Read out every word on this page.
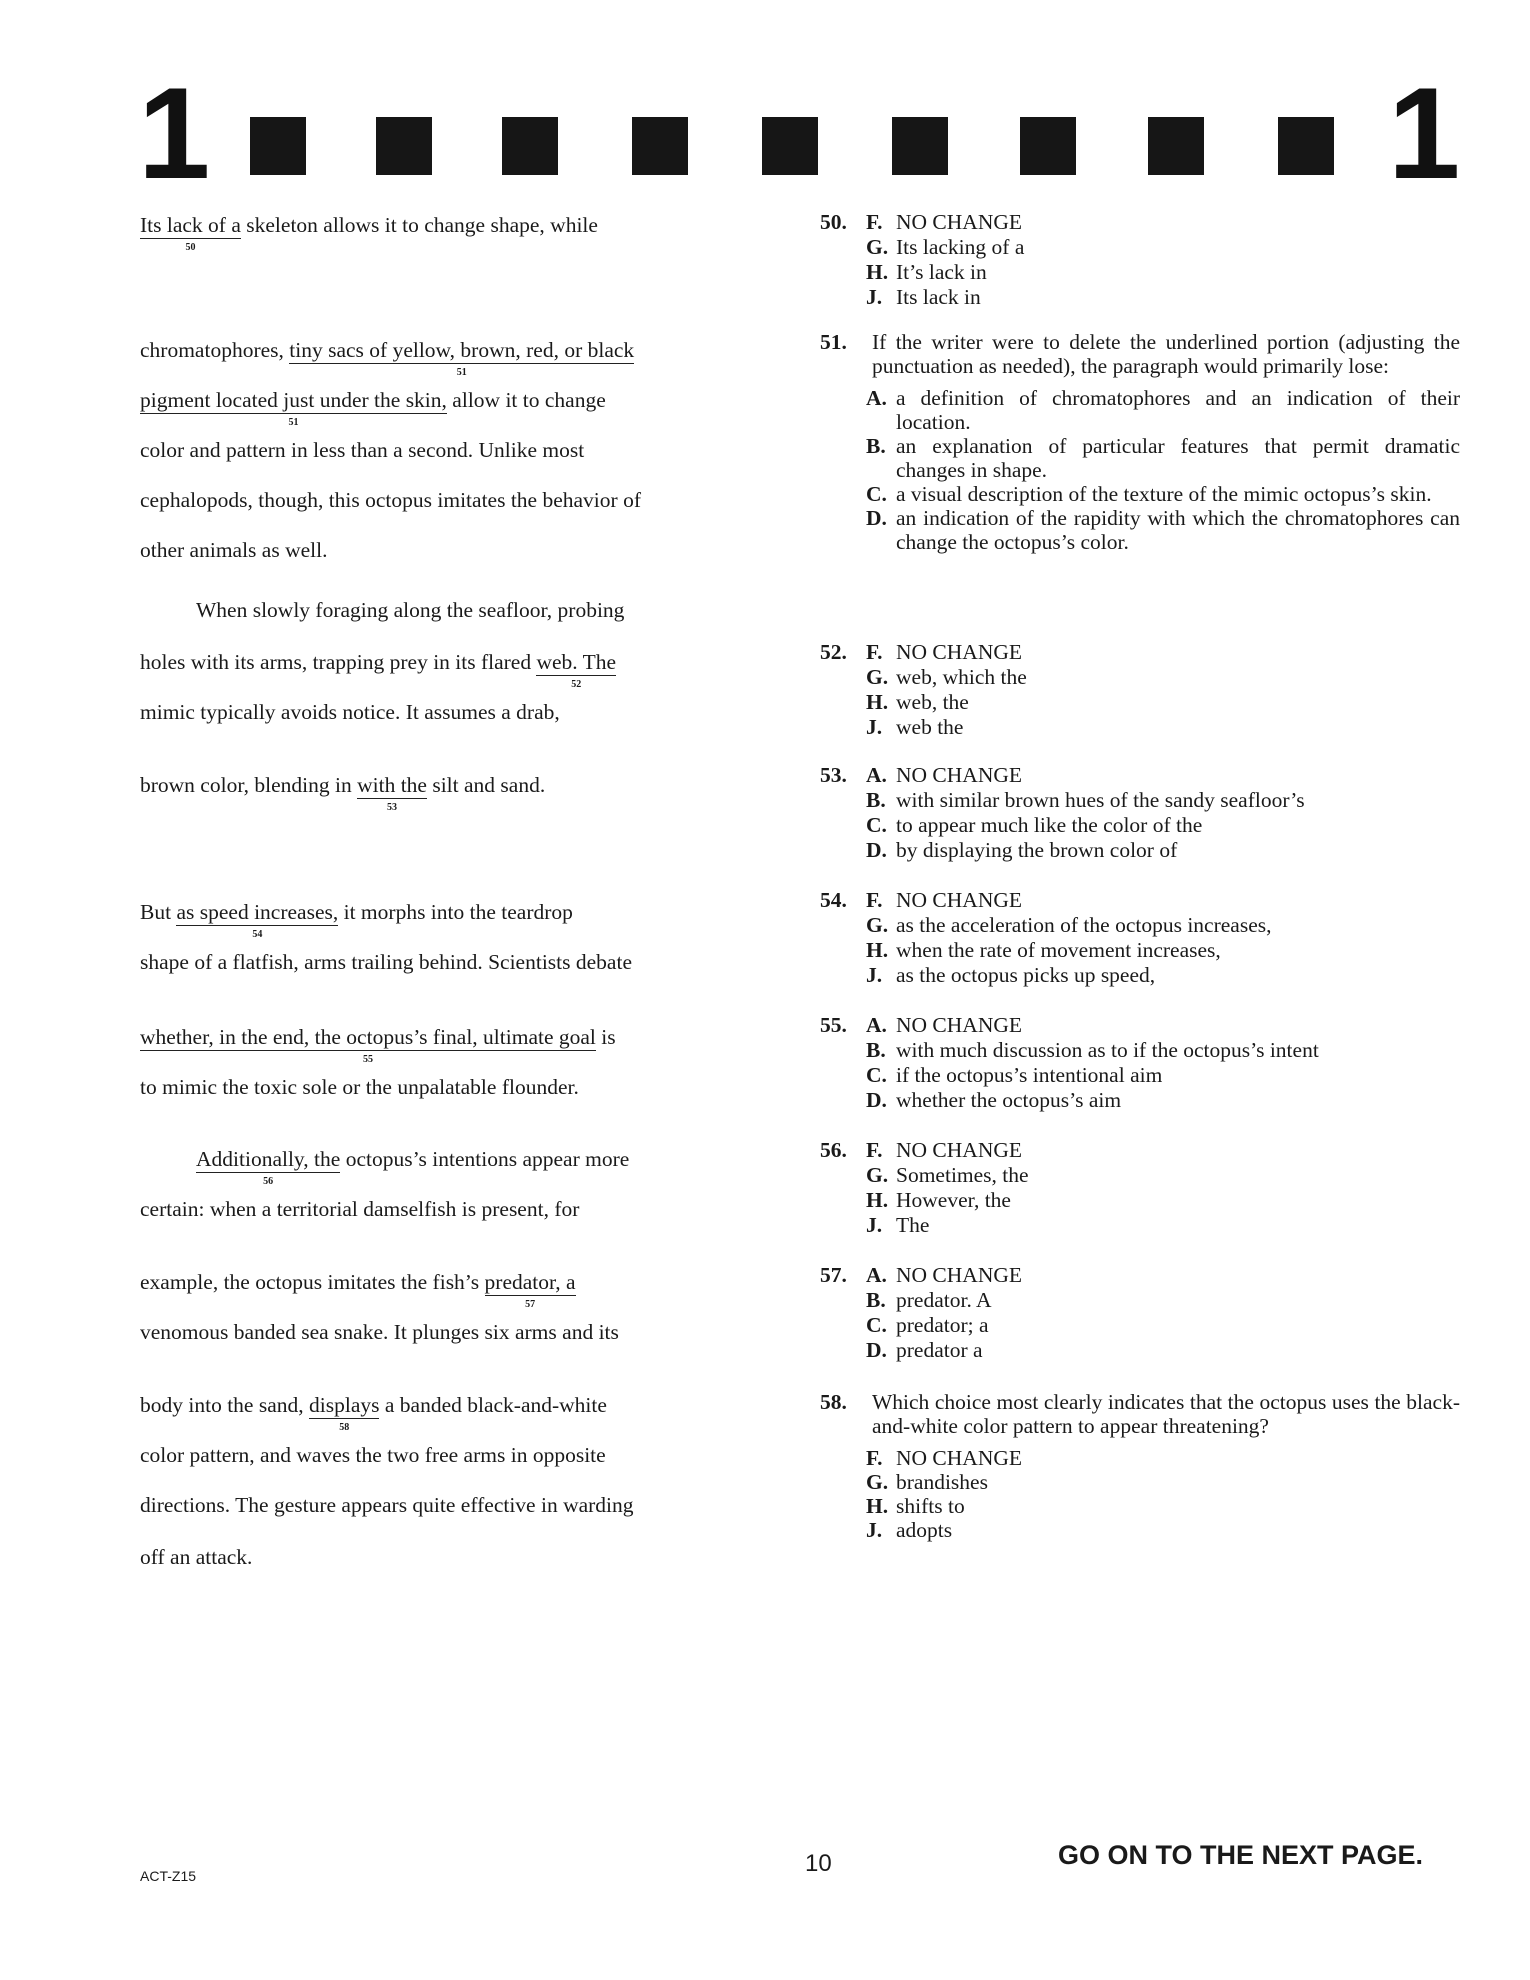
1	1
Its lack of a
50
skeleton allows it to change shape, while
chromatophores, tiny sacs of yellow, brown, red, or black
51
pigment located just under the skin,
51
allow it to change
color and pattern in less than a second. Unlike most
cephalopods, though, this octopus imitates the behavior of
other animals as well.
When slowly foraging along the seafloor, probing
holes with its arms, trapping prey in its flared web. The
52
mimic typically avoids notice. It assumes a drab,
brown color, blending in with the
53
silt and sand.
But as speed increases,
54
it morphs into the teardrop
shape of a flatfish, arms trailing behind. Scientists debate
whether, in the end, the octopus’s final, ultimate goal
55
is
to mimic the toxic sole or the unpalatable flounder.
Additionally, the
56
octopus’s intentions appear more
certain: when a territorial damselfish is present, for
example, the octopus imitates the fish’s predator, a
57
venomous banded sea snake. It plunges six arms and its
body into the sand, displays
58
a banded black-and-white
color pattern, and waves the two free arms in opposite
directions. The gesture appears quite effective in warding
off an attack.
50. F. NO CHANGE
G. Its lacking of a
H. It’s lack in
J. Its lack in
51. If the writer were to delete the underlined portion (adjusting the punctuation as needed), the paragraph would primarily lose:
A. a definition of chromatophores and an indication of their location.
B. an explanation of particular features that permit dramatic changes in shape.
C. a visual description of the texture of the mimic octopus’s skin.
D. an indication of the rapidity with which the chromatophores can change the octopus’s color.
52. F. NO CHANGE
G. web, which the
H. web, the
J. web the
53. A. NO CHANGE
B. with similar brown hues of the sandy seafloor’s
C. to appear much like the color of the
D. by displaying the brown color of
54. F. NO CHANGE
G. as the acceleration of the octopus increases,
H. when the rate of movement increases,
J. as the octopus picks up speed,
55. A. NO CHANGE
B. with much discussion as to if the octopus’s intent
C. if the octopus’s intentional aim
D. whether the octopus’s aim
56. F. NO CHANGE
G. Sometimes, the
H. However, the
J. The
57. A. NO CHANGE
B. predator. A
C. predator; a
D. predator a
58. Which choice most clearly indicates that the octopus uses the black-and-white color pattern to appear threatening?
F. NO CHANGE
G. brandishes
H. shifts to
J. adopts
ACT-Z15	10	GO ON TO THE NEXT PAGE.
